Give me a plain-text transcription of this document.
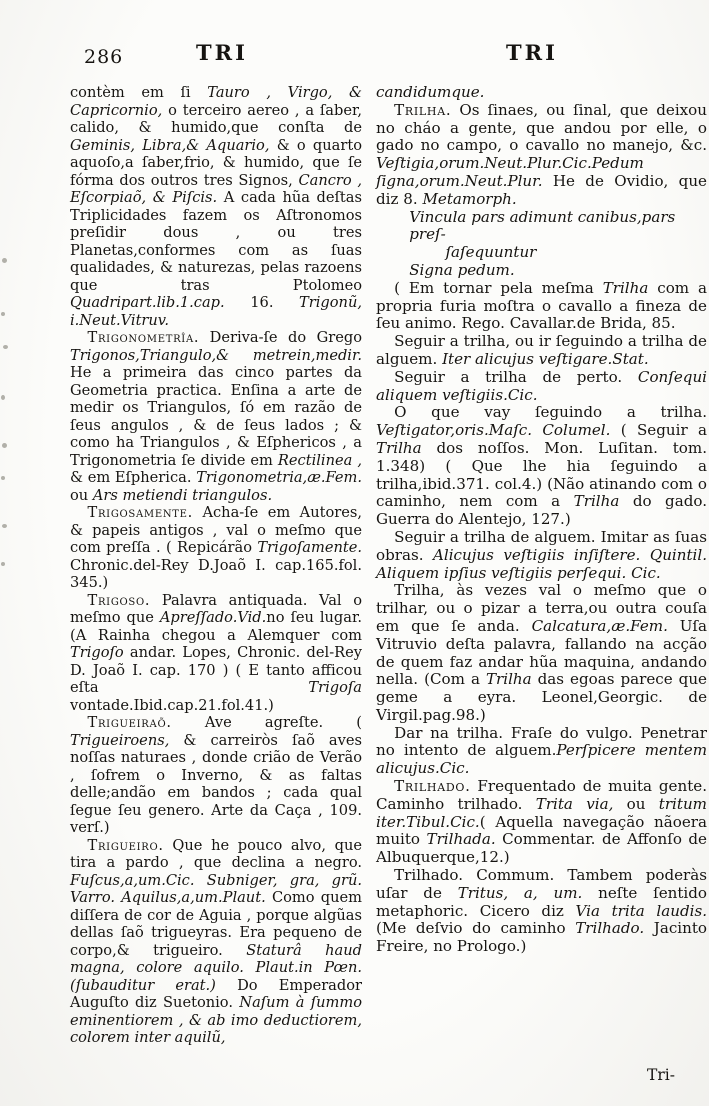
286	TRI	TRI

contèm em ſi Tauro , Virgo, & Capricornio, o terceiro aereo , a ſaber, calido, & humido,que conſta de Geminis, Libra,& Aquario, & o quarto aquoſo,a ſaber,frio, & humido, que ſe fórma dos outros tres Signos, Cancro , Eſcorpiaõ, & Piſcis. A cada hũa deſtas Triplicidades fazem os Aſtronomos preſidir dous , ou tres Planetas,conformes com as ſuas qualidades, & naturezas, pelas razoens que tras Ptolomeo Quadripart.lib.1.cap. 16. Trigonũ, i.Neut.Vitruv.

Trigonometrîa. Deriva-ſe do Grego Trigonos,Triangulo,& metrein,medir. He a primeira das cinco partes da Geometria practica. Enſina a arte de medir os Triangulos, ſó em razão de ſeus angulos , & de ſeus lados ; & como ha Triangulos , & Eſphericos , a Trigonometria ſe divide em Rectilinea , & em Eſpherica. Trigonometria,æ.Fem. ou Ars metiendi triangulos.

Trigosamente. Acha-ſe em Autores, & papeis antigos , val o meſmo que com preſſa . ( Repicárão Trigoſamente. Chronic.del-Rey D.Joaõ I. cap.165.fol. 345.)

Trigoso. Palavra antiquada. Val o meſmo que Apreſſado.Vid.no ſeu lugar. (A Rainha chegou a Alemquer com Trigoſo andar. Lopes, Chronic. del-Rey D. Joaõ I. cap. 170 ) ( E tanto afficou eſta Trigoſa vontade.Ibid.cap.21.fol.41.)

Trigueiraõ. Ave agreſte. ( Trigueiroens, & carreiròs ſaõ aves noſſas naturaes , donde crião de Verão , ſofrem o Inverno, & as faltas delle;andão em bandos ; cada qual ſegue ſeu genero. Arte da Caça , 109. verſ.)

Trigueiro. Que he pouco alvo, que tira a pardo , que declina a negro. Fuſcus,a,um.Cic. Subniger, gra, grũ. Varro. Aquilus,a,um.Plaut. Como quem diſſera de cor de Aguia , porque algũas dellas ſaõ trigueyras. Era pequeno de corpo,& trigueiro. Staturâ haud magna, colore aquilo. Plaut.in Pœn. (ſubauditur erat.) Do Emperador Auguſto diz Suetonio. Naſum à ſummo eminentiorem , & ab imo deductiorem, colorem inter aquilũ,

candidumque.

Trilha. Os ſinaes, ou ſinal, que deixou no cháo a gente, que andou por elle, o gado no campo, o cavallo no manejo, &c. Veſtigia,orum.Neut.Plur.Cic.Pedum ſigna,orum.Neut.Plur. He de Ovidio, que diz 8. Metamorph.

Vincula pars adimunt canibus,pars preſ-
ſaſequuntur
Signa pedum.

( Em tornar pela meſma Trilha com a propria furia moſtra o cavallo a fineza de ſeu animo. Rego. Cavallar.de Brida, 85.

Seguir a trilha, ou ir ſeguindo a trilha de alguem. Iter alicujus veſtigare.Stat.

Seguir a trilha de perto. Conſequi aliquem veſtigiis.Cic.

O que vay ſeguindo a trilha. Veſtigator,oris.Maſc. Columel. ( Seguir a Trilha dos noſſos. Mon. Luſitan. tom. 1.348) ( Que lhe hia ſeguindo a trilha,ibid.371. col.4.) (Não atinando com o caminho, nem com a Trilha do gado. Guerra do Alentejo, 127.)

Seguir a trilha de alguem. Imitar as ſuas obras. Alicujus veſtigiis inſiſtere. Quintil. Aliquem ipſius veſtigiis perſequi. Cic.

Trilha, às vezes val o meſmo que o trilhar, ou o pizar a terra,ou outra couſa em que ſe anda. Calcatura,æ.Fem. Uſa Vitruvio deſta palavra, fallando na acção de quem faz andar hũa maquina, andando nella. (Com a Trilha das egoas parece que geme a eyra. Leonel,Georgic. de Virgil.pag.98.)

Dar na trilha. Fraſe do vulgo. Penetrar no intento de alguem.Perſpicere mentem alicujus.Cic.

Trilhado. Frequentado de muita gente. Caminho trilhado. Trita via, ou tritum iter.Tibul.Cic.( Aquella navegação nãoera muito Trilhada. Commentar. de Affonſo de Albuquerque,12.)

Trilhado. Commum. Tambem poderàs uſar de Tritus, a, um. neſte ſentido metaphoric. Cicero diz Via trita laudis. (Me deſvio do caminho Trilhado. Jacinto Freire, no Prologo.)

Tri-
